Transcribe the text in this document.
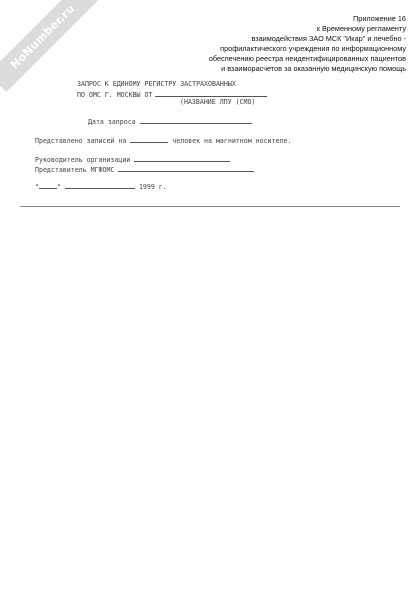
NoNumber.ru	Приложение 16
к Временному регламенту
взаимодействия ЗАО МСК "Икар" и лечебно -
профилактического учреждения по информационному
обеспечению реестра неидентифицированных пациентов
и взаиморасчетов за оказанную медицинскую помощь
ЗАПРОС К ЕДИНОМУ РЕГИСТРУ ЗАСТРАХОВАННЫХ
ПО ОМС Г. МОСКВЫ ОТ
(НАЗВАНИЕ ЛПУ (СМО)
Дата запроса
Представлено записей на	человек на магнитном носителе.
Руководитель организации
Представитель МГФОМС
"	"	1999 г.
